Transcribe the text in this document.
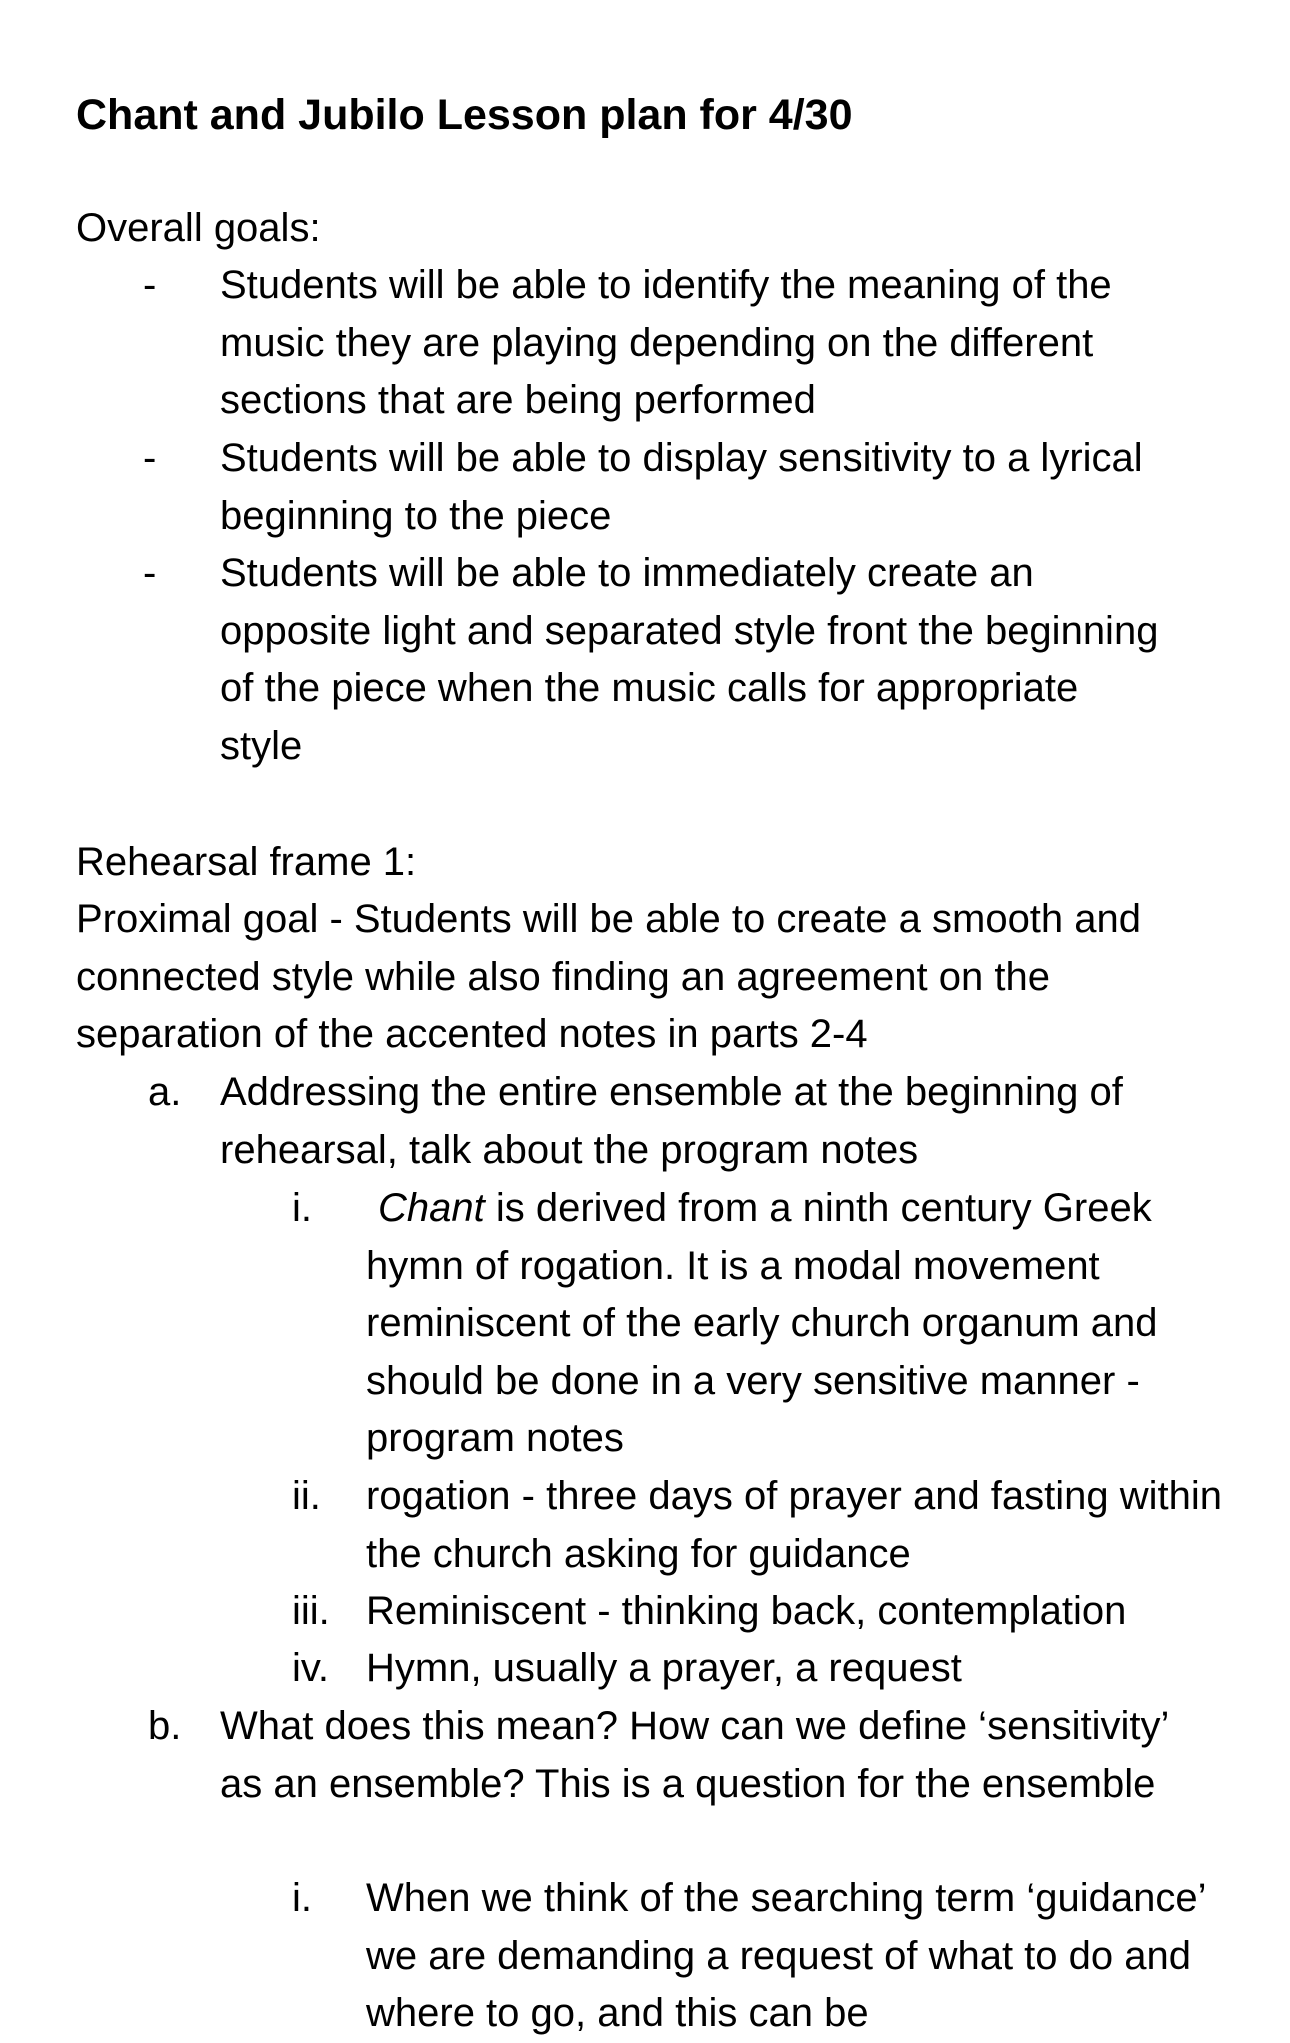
Chant and Jubilo Lesson plan for 4/30
Overall goals:
- Students will be able to identify the meaning of the music they are playing depending on the different sections that are being performed
- Students will be able to display sensitivity to a lyrical beginning to the piece
- Students will be able to immediately create an opposite light and separated style front the beginning of the piece when the music calls for appropriate style
Rehearsal frame 1:
Proximal goal - Students will be able to create a smooth and connected style while also finding an agreement on the separation of the accented notes in parts 2-4
a. Addressing the entire ensemble at the beginning of rehearsal, talk about the program notes
i.	Chant is derived from a ninth century Greek hymn of rogation. It is a modal movement reminiscent of the early church organum and should be done in a very sensitive manner - program notes
ii. rogation - three days of prayer and fasting within the church asking for guidance
iii. Reminiscent - thinking back, contemplation
iv. Hymn, usually a prayer, a request
b. What does this mean? How can we define ‘sensitivity’ as an ensemble? This is a question for the ensemble
i. When we think of the searching term ‘guidance’ we are demanding a request of what to do and where to go, and this can be
